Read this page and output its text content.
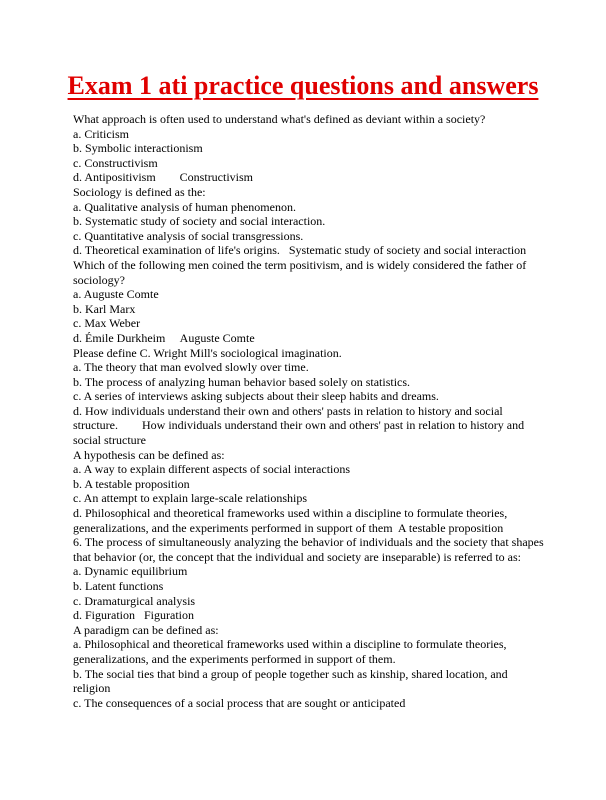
Exam 1 ati practice questions and answers

What approach is often used to understand what's defined as deviant within a society?

a. Criticism

b. Symbolic interactionism

c. Constructivism

d. Antipositivism        Constructivism

Sociology is defined as the:

a. Qualitative analysis of human phenomenon.

b. Systematic study of society and social interaction.

c. Quantitative analysis of social transgressions.

d. Theoretical examination of life's origins.   Systematic study of society and social interaction

Which of the following men coined the term positivism, and is widely considered the father of sociology?

a. Auguste Comte

b. Karl Marx

c. Max Weber

d. Émile Durkheim     Auguste Comte

Please define C. Wright Mill's sociological imagination.

a. The theory that man evolved slowly over time.

b. The process of analyzing human behavior based solely on statistics.

c. A series of interviews asking subjects about their sleep habits and dreams.

d. How individuals understand their own and others' pasts in relation to history and social structure.        How individuals understand their own and others' past in relation to history and social structure

A hypothesis can be defined as:

a. A way to explain different aspects of social interactions

b. A testable proposition

c. An attempt to explain large-scale relationships

d. Philosophical and theoretical frameworks used within a discipline to formulate theories, generalizations, and the experiments performed in support of them  A testable proposition

6. The process of simultaneously analyzing the behavior of individuals and the society that shapes that behavior (or, the concept that the individual and society are inseparable) is referred to as:

a. Dynamic equilibrium

b. Latent functions

c. Dramaturgical analysis

d. Figuration   Figuration

A paradigm can be defined as:

a. Philosophical and theoretical frameworks used within a discipline to formulate theories, generalizations, and the experiments performed in support of them.

b. The social ties that bind a group of people together such as kinship, shared location, and religion

c. The consequences of a social process that are sought or anticipated
